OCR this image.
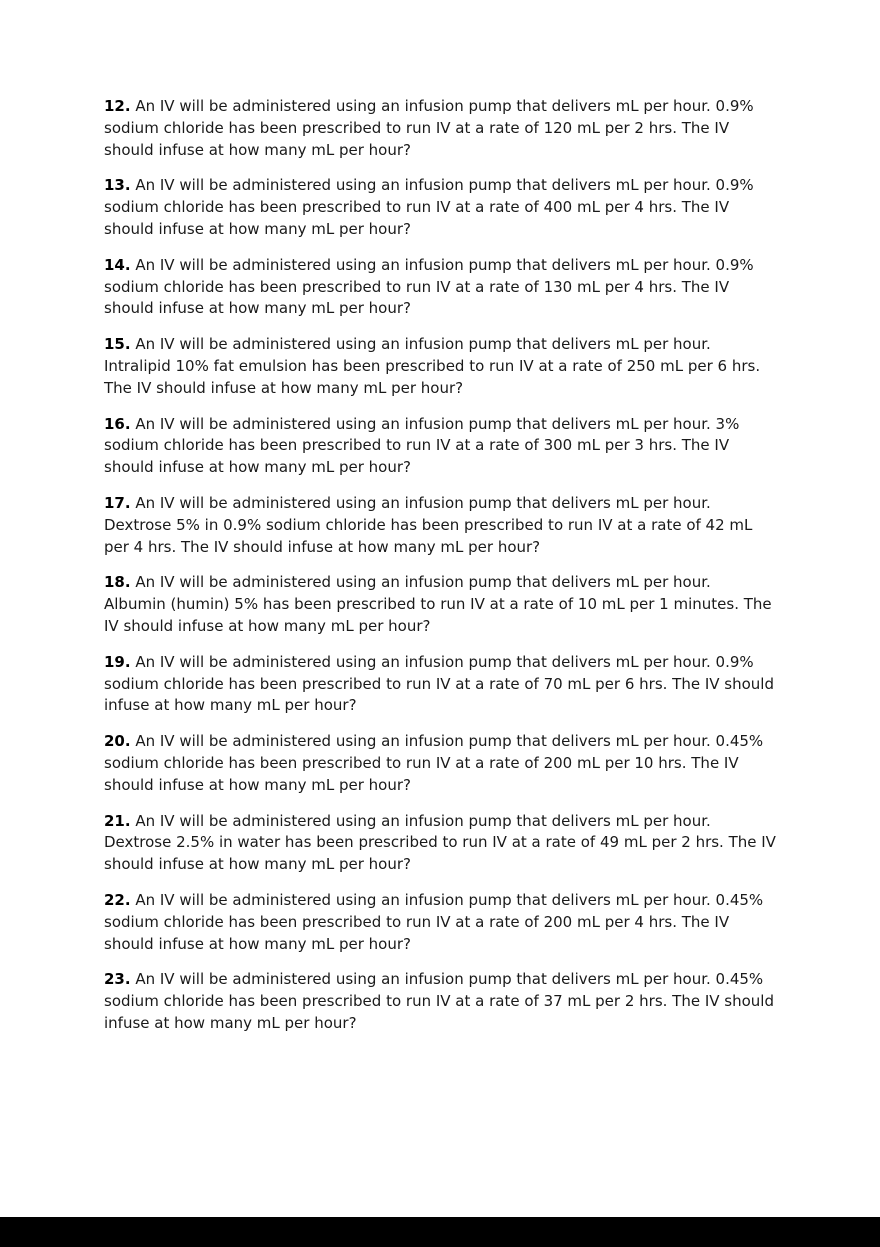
12. An IV will be administered using an infusion pump that delivers mL per hour. 0.9% sodium chloride has been prescribed to run IV at a rate of 120 mL per 2 hrs. The IV should infuse at how many mL per hour?

13. An IV will be administered using an infusion pump that delivers mL per hour. 0.9% sodium chloride has been prescribed to run IV at a rate of 400 mL per 4 hrs. The IV should infuse at how many mL per hour?

14. An IV will be administered using an infusion pump that delivers mL per hour. 0.9% sodium chloride has been prescribed to run IV at a rate of 130 mL per 4 hrs. The IV should infuse at how many mL per hour?

15. An IV will be administered using an infusion pump that delivers mL per hour. Intralipid 10% fat emulsion has been prescribed to run IV at a rate of 250 mL per 6 hrs. The IV should infuse at how many mL per hour?

16. An IV will be administered using an infusion pump that delivers mL per hour. 3% sodium chloride has been prescribed to run IV at a rate of 300 mL per 3 hrs. The IV should infuse at how many mL per hour?

17. An IV will be administered using an infusion pump that delivers mL per hour. Dextrose 5% in 0.9% sodium chloride has been prescribed to run IV at a rate of 42 mL per 4 hrs. The IV should infuse at how many mL per hour?

18. An IV will be administered using an infusion pump that delivers mL per hour. Albumin (humin) 5% has been prescribed to run IV at a rate of 10 mL per 1 minutes. The IV should infuse at how many mL per hour?

19. An IV will be administered using an infusion pump that delivers mL per hour. 0.9% sodium chloride has been prescribed to run IV at a rate of 70 mL per 6 hrs. The IV should infuse at how many mL per hour?

20. An IV will be administered using an infusion pump that delivers mL per hour. 0.45% sodium chloride has been prescribed to run IV at a rate of 200 mL per 10 hrs. The IV should infuse at how many mL per hour?

21. An IV will be administered using an infusion pump that delivers mL per hour. Dextrose 2.5% in water has been prescribed to run IV at a rate of 49 mL per 2 hrs. The IV should infuse at how many mL per hour?

22. An IV will be administered using an infusion pump that delivers mL per hour. 0.45% sodium chloride has been prescribed to run IV at a rate of 200 mL per 4 hrs. The IV should infuse at how many mL per hour?

23. An IV will be administered using an infusion pump that delivers mL per hour. 0.45% sodium chloride has been prescribed to run IV at a rate of 37 mL per 2 hrs. The IV should infuse at how many mL per hour?
